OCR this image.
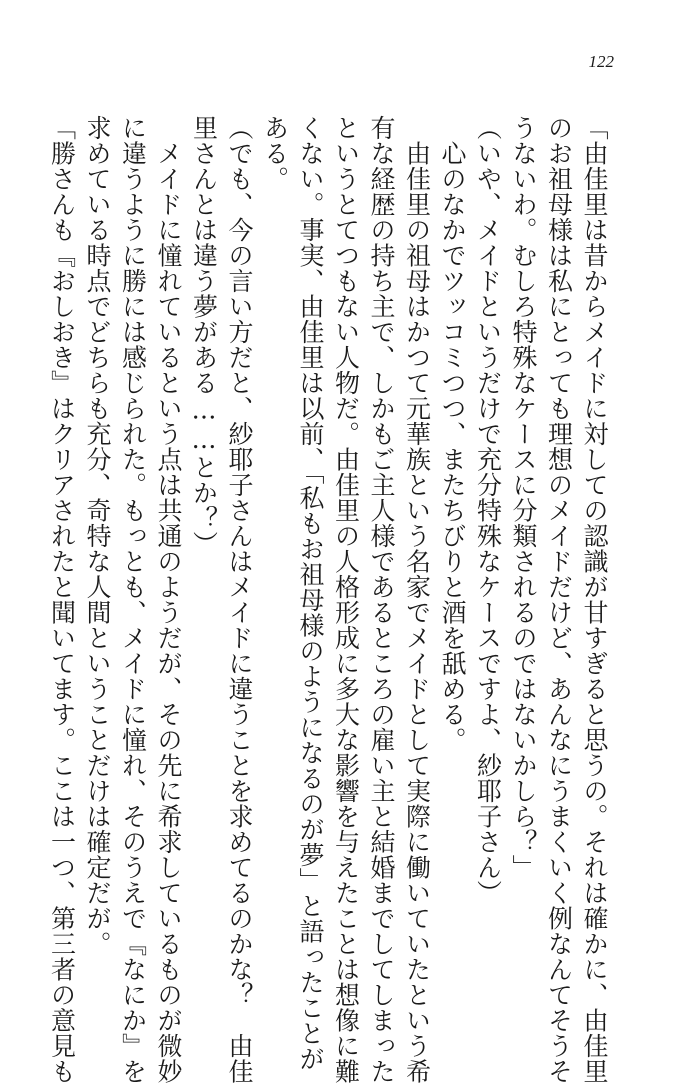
122

「由佳里は昔からメイドに対しての認識が甘すぎると思うの。それは確かに、由佳里

のお祖母様は私にとっても理想のメイドだけど、あんなにうまくいく例なんてそうそ

うないわ。むしろ特殊なケースに分類されるのではないかしら？」

（いや、メイドというだけで充分特殊なケースですよ、紗耶子さん）

　心のなかでツッコミつつ、またちびりと酒を舐める。

　由佳里の祖母はかつて元華族という名家でメイドとして実際に働いていたという希

有な経歴の持ち主で、しかもご主人様であるところの雇い主と結婚までしてしまった

というとてつもない人物だ。由佳里の人格形成に多大な影響を与えたことは想像に難

くない。事実、由佳里は以前、「私もお祖母様のようになるのが夢」と語ったことが

ある。

（でも、今の言い方だと、紗耶子さんはメイドに違うことを求めてるのかな？　由佳

里さんとは違う夢がある……とか？）

　メイドに憧れているという点は共通のようだが、その先に希求しているものが微妙

に違うように勝には感じられた。もっとも、メイドに憧れ、そのうえで『なにか』を

求めている時点でどちらも充分、奇特な人間ということだけは確定だが。

「勝さんも『おしおき』はクリアされたと聞いてます。ここは一つ、第三者の意見も
